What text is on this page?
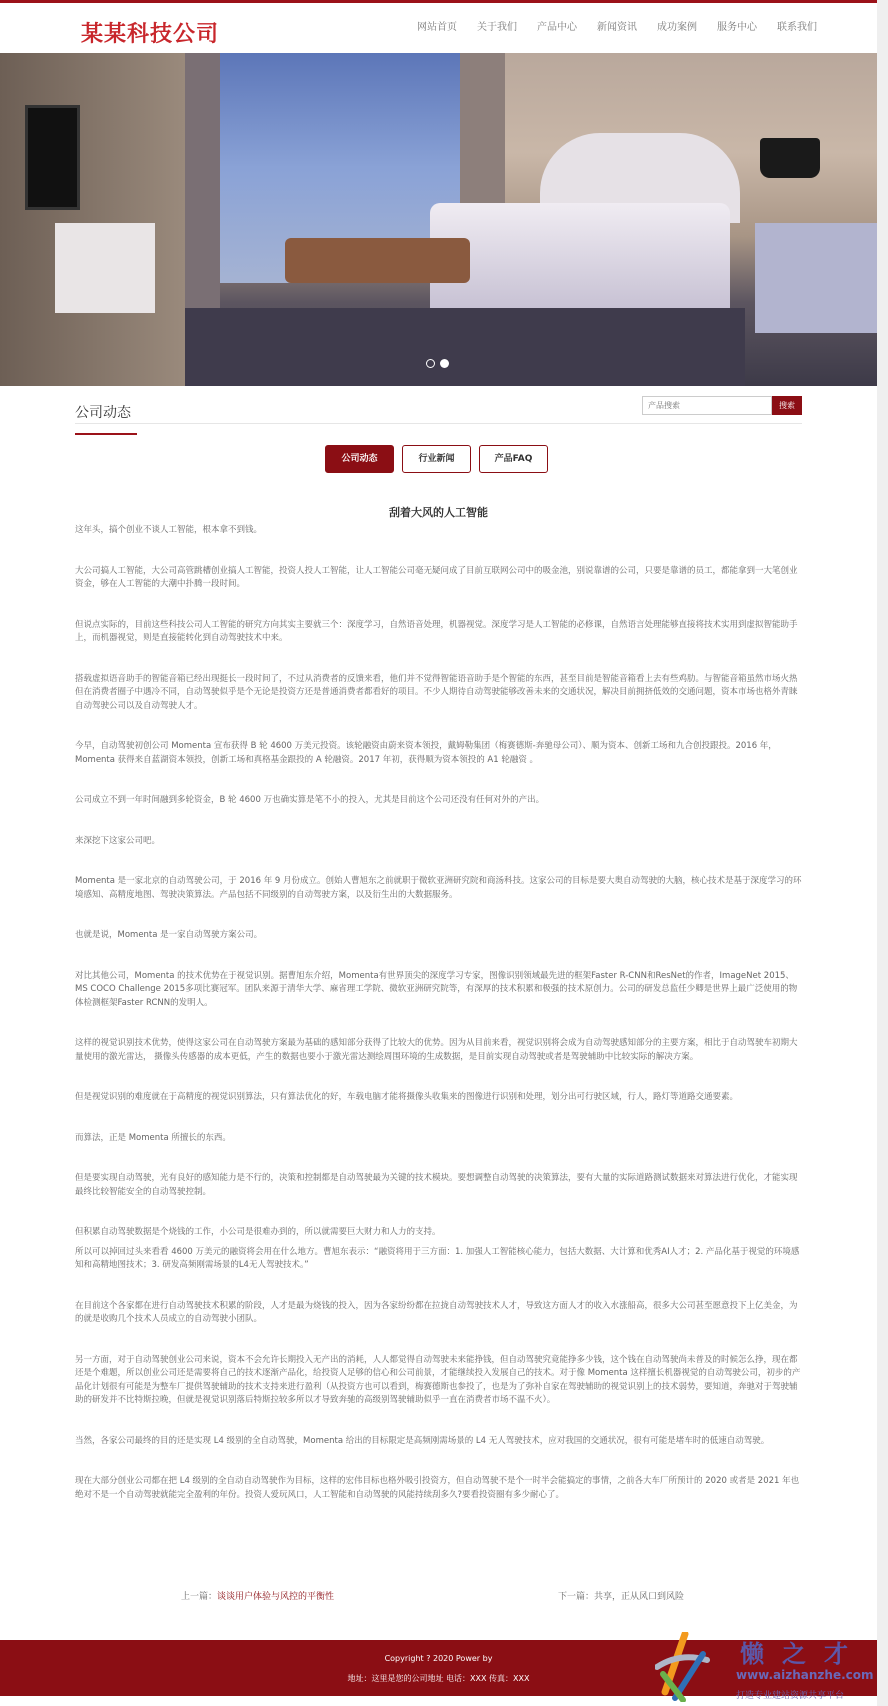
某某科技公司	网站首页	关于我们	产品中心	新闻资讯	成功案例	服务中心	联系我们
公司动态
产品搜索	搜索
公司动态	行业新闻	产品FAQ
刮着大风的人工智能

这年头，搞个创业不谈人工智能，根本拿不到钱。

大公司搞人工智能，大公司高管跳槽创业搞人工智能，投资人投人工智能，让人工智能公司毫无疑问成了目前互联网公司中的吸金池，别说靠谱的公司，只要是靠谱的员工，都能拿到一大笔创业资金，够在人工智能的大潮中扑腾一段时间。

但说点实际的，目前这些科技公司人工智能的研究方向其实主要就三个：深度学习，自然语音处理，机器视觉。深度学习是人工智能的必修课，自然语言处理能够直接将技术实用到虚拟智能助手上，而机器视觉，则是直接能转化到自动驾驶技术中来。

搭载虚拟语音助手的智能音箱已经出现挺长一段时间了，不过从消费者的反馈来看，他们并不觉得智能语音助手是个智能的东西，甚至目前是智能音箱看上去有些鸡肋。与智能音箱虽然市场火热但在消费者圈子中遇冷不同，自动驾驶似乎是个无论是投资方还是普通消费者都看好的项目。不少人期待自动驾驶能够改善未来的交通状况，解决目前拥挤低效的交通问题，资本市场也格外青睐自动驾驶公司以及自动驾驶人才。

今早，自动驾驶初创公司 Momenta 宣布获得 B 轮 4600 万美元投资。该轮融资由蔚来资本领投，戴姆勒集团（梅赛德斯-奔驰母公司）、顺为资本、创新工场和九合创投跟投。2016 年，Momenta 获得来自蓝湖资本领投，创新工场和真格基金跟投的 A 轮融资。2017 年初，获得顺为资本领投的 A1 轮融资 。

公司成立不到一年时间融到多轮资金，B 轮 4600 万也确实算是笔不小的投入，尤其是目前这个公司还没有任何对外的产出。

来深挖下这家公司吧。

Momenta 是一家北京的自动驾驶公司，于 2016 年 9 月份成立。创始人曹旭东之前就职于微软亚洲研究院和商汤科技。这家公司的目标是要大奥自动驾驶的大脑，核心技术是基于深度学习的环境感知、高精度地图、驾驶决策算法。产品包括不同级别的自动驾驶方案，以及衍生出的大数据服务。

也就是说，Momenta 是一家自动驾驶方案公司。

对比其他公司，Momenta 的技术优势在于视觉识别。据曹旭东介绍，Momenta有世界顶尖的深度学习专家，图像识别领域最先进的框架Faster R-CNN和ResNet的作者，ImageNet 2015、MS COCO Challenge 2015多项比赛冠军。团队来源于清华大学、麻省理工学院、微软亚洲研究院等，有深厚的技术积累和极强的技术原创力。公司的研发总监任少卿是世界上最广泛使用的物体检测框架Faster RCNN的发明人。

这样的视觉识别技术优势，使得这家公司在自动驾驶方案最为基础的感知部分获得了比较大的优势。因为从目前来看，视觉识别将会成为自动驾驶感知部分的主要方案，相比于自动驾驶车初期大量使用的激光雷达， 摄像头传感器的成本更低，产生的数据也要小于激光雷达测绘周围环境的生成数据，是目前实现自动驾驶或者是驾驶辅助中比较实际的解决方案。

但是视觉识别的难度就在于高精度的视觉识别算法，只有算法优化的好，车载电脑才能将摄像头收集来的图像进行识别和处理，划分出可行驶区域，行人，路灯等道路交通要素。

而算法，正是 Momenta 所擅长的东西。

但是要实现自动驾驶，光有良好的感知能力是不行的，决策和控制都是自动驾驶最为关键的技术模块。要想调整自动驾驶的决策算法，要有大量的实际道路测试数据来对算法进行优化，才能实现最终比较智能安全的自动驾驶控制。

但积累自动驾驶数据是个烧钱的工作，小公司是很难办到的，所以就需要巨大财力和人力的支持。

所以可以掉回过头来看看 4600 万美元的融资将会用在什么地方。曹旭东表示：“融资将用于三方面：1. 加强人工智能核心能力，包括大数据、大计算和优秀AI人才；2. 产品化基于视觉的环境感知和高精地图技术；3. 研发高频刚需场景的L4无人驾驶技术。”

在目前这个各家都在进行自动驾驶技术积累的阶段，人才是最为烧钱的投入，因为各家纷纷都在拉拢自动驾驶技术人才，导致这方面人才的收入水涨船高，很多大公司甚至愿意投下上亿美金，为的就是收购几个技术人员成立的自动驾驶小团队。

另一方面，对于自动驾驶创业公司来说，资本不会允许长期投入无产出的消耗，人人都觉得自动驾驶未来能挣钱，但自动驾驶究竟能挣多少钱，这个钱在自动驾驶尚未普及的时候怎么挣，现在都还是个难题，所以创业公司还是需要将自己的技术逐渐产品化，给投资人足够的信心和公司前景，才能继续投入发展自己的技术。对于像 Momenta 这样擅长机器视觉的自动驾驶公司，初步的产品化计划很有可能是为整车厂提供驾驶辅助的技术支持来进行盈利（从投资方也可以看到，梅赛德斯也参投了，也是为了弥补自家在驾驶辅助的视觉识别上的技术弱势，要知道，奔驰对于驾驶辅助的研发并不比特斯拉晚，但就是视觉识别落后特斯拉较多所以才导致奔驰的高级别驾驶辅助似乎一直在消费者市场不温不火）。

当然，各家公司最终的目的还是实现 L4 级别的全自动驾驶，Momenta 给出的目标限定是高频刚需场景的 L4 无人驾驶技术，应对我国的交通状况，很有可能是堵车时的低速自动驾驶。

现在大部分创业公司都在把 L4 级别的全自动自动驾驶作为目标，这样的宏伟目标也格外吸引投资方，但自动驾驶不是个一时半会能搞定的事情，之前各大车厂所预计的 2020 或者是 2021 年也绝对不是一个自动驾驶就能完全盈利的年份。投资人爱玩风口，人工智能和自动驾驶的风能持续刮多久?要看投资圈有多少耐心了。

上一篇：谈谈用户体验与风控的平衡性	下一篇：共享，正从风口到风险
Copyright ? 2020 Power by
地址：这里是您的公司地址 电话：XXX 传真：XXX
懒之才
www.aizhanzhe.com
打造专业建站资源共享平台
